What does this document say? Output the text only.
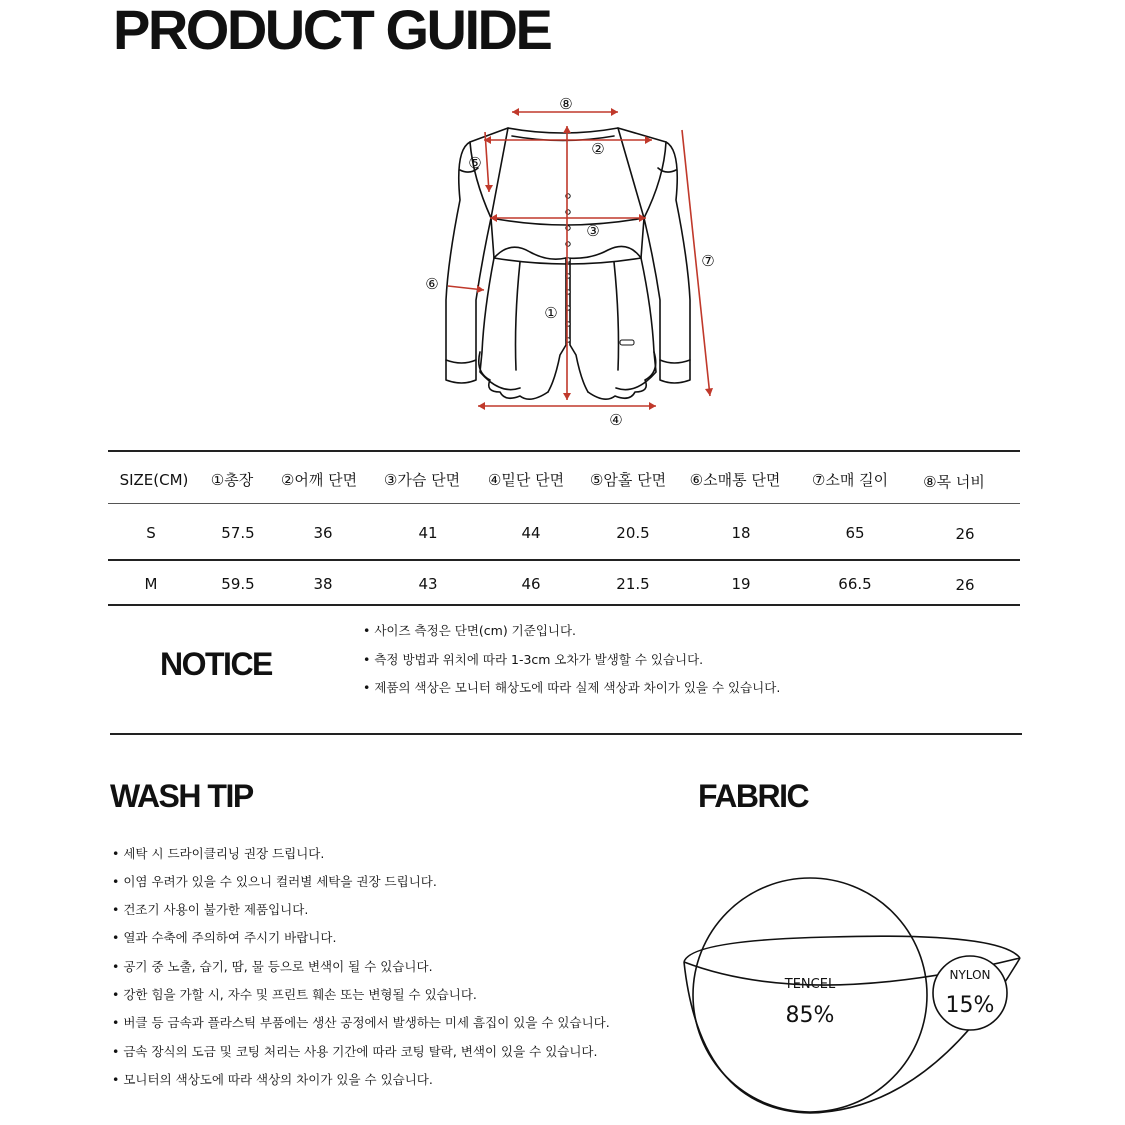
PRODUCT GUIDE
⑧
②
③
①
⑤
⑥
⑦
④
SIZE(CM)	①총장	②어깨 단면	③가슴 단면	④밑단 단면	⑤암홀 단면	⑥소매통 단면	⑦소매 길이	⑧목 너비
S	57.5	36	41	44	20.5	18	65	26
M	59.5	38	43	46	21.5	19	66.5	26
NOTICE
• 사이즈 측정은 단면(cm) 기준입니다.
• 측정 방법과 위치에 따라 1-3cm 오차가 발생할 수 있습니다.
• 제품의 색상은 모니터 해상도에 따라 실제 색상과 차이가 있을 수 있습니다.
WASH TIP
• 세탁 시 드라이클리닝 권장 드립니다.
• 이염 우려가 있을 수 있으니 컬러별 세탁을 권장 드립니다.
• 건조기 사용이 불가한 제품입니다.
• 열과 수축에 주의하여 주시기 바랍니다.
• 공기 중 노출, 습기, 땀, 물 등으로 변색이 될 수 있습니다.
• 강한 힘을 가할 시, 자수 및 프린트 훼손 또는 변형될 수 있습니다.
• 버클 등 금속과 플라스틱 부품에는 생산 공정에서 발생하는 미세 흠집이 있을 수 있습니다.
• 금속 장식의 도금 및 코팅 처리는 사용 기간에 따라 코팅 탈락, 변색이 있을 수 있습니다.
• 모니터의 색상도에 따라 색상의 차이가 있을 수 있습니다.
FABRIC
TENCEL
85%
NYLON
15%
